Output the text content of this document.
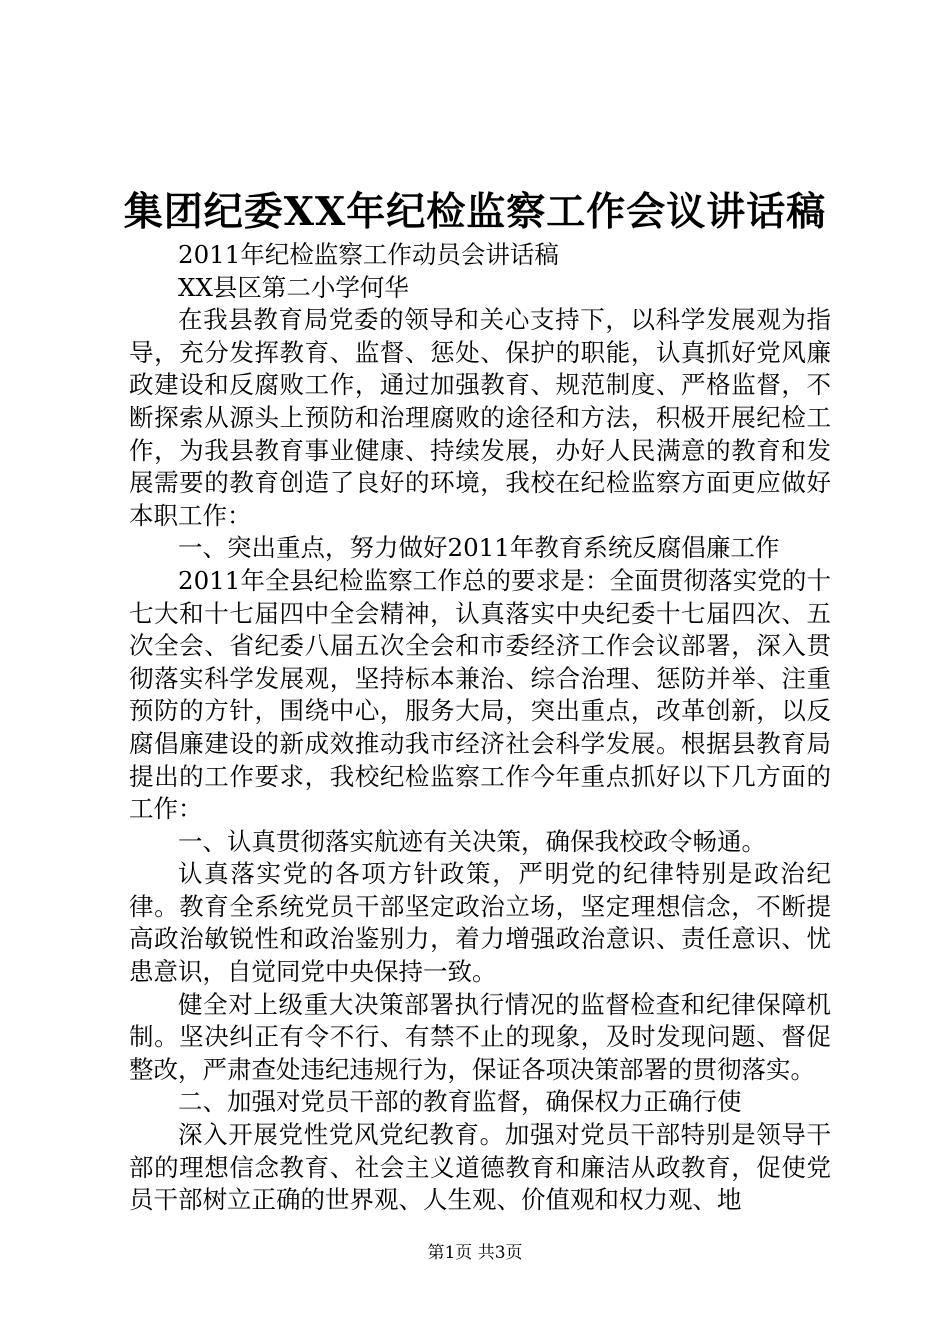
集团纪委XX年纪检监察工作会议讲话稿

2011年纪检监察工作动员会讲话稿

XX县区第二小学何华

在我县教育局党委的领导和关心支持下，以科学发展观为指导，充分发挥教育、监督、惩处、保护的职能，认真抓好党风廉政建设和反腐败工作，通过加强教育、规范制度、严格监督，不断探索从源头上预防和治理腐败的途径和方法，积极开展纪检工作，为我县教育事业健康、持续发展，办好人民满意的教育和发展需要的教育创造了良好的环境，我校在纪检监察方面更应做好本职工作：

一、突出重点，努力做好2011年教育系统反腐倡廉工作

2011年全县纪检监察工作总的要求是：全面贯彻落实党的十七大和十七届四中全会精神，认真落实中央纪委十七届四次、五次全会、省纪委八届五次全会和市委经济工作会议部署，深入贯彻落实科学发展观，坚持标本兼治、综合治理、惩防并举、注重预防的方针，围绕中心，服务大局，突出重点，改革创新，以反腐倡廉建设的新成效推动我市经济社会科学发展。根据县教育局提出的工作要求，我校纪检监察工作今年重点抓好以下几方面的工作：

一、认真贯彻落实航迹有关决策，确保我校政令畅通。

认真落实党的各项方针政策，严明党的纪律特别是政治纪律。教育全系统党员干部坚定政治立场，坚定理想信念，不断提高政治敏锐性和政治鉴别力，着力增强政治意识、责任意识、忧患意识，自觉同党中央保持一致。

健全对上级重大决策部署执行情况的监督检查和纪律保障机制。坚决纠正有令不行、有禁不止的现象，及时发现问题、督促整改，严肃查处违纪违规行为，保证各项决策部署的贯彻落实。

二、加强对党员干部的教育监督，确保权力正确行使

深入开展党性党风党纪教育。加强对党员干部特别是领导干部的理想信念教育、社会主义道德教育和廉洁从政教育，促使党员干部树立正确的世界观、人生观、价值观和权力观、地

第1页 共3页
